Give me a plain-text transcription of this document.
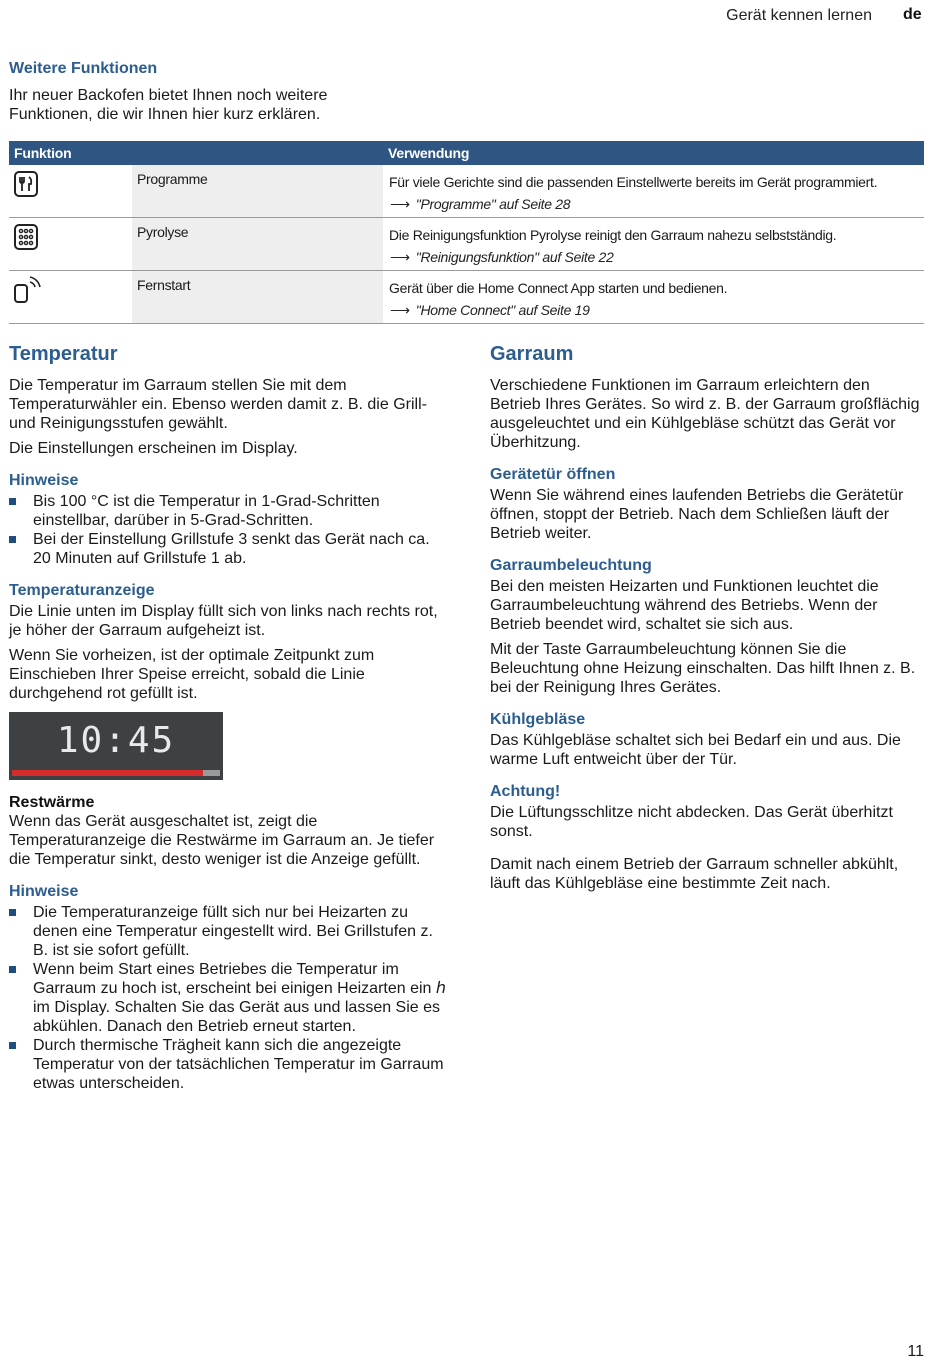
Gerät kennen lernen de
Weitere Funktionen
Ihr neuer Backofen bietet Ihnen noch weitere Funktionen, die wir Ihnen hier kurz erklären.
Funktion		Verwendung
	Programme	Für viele Gerichte sind die passenden Einstellwerte bereits im Gerät programmiert.
⟶ "Programme" auf Seite 28

	Pyrolyse	Die Reinigungsfunktion Pyrolyse reinigt den Garraum nahezu selbstständig.
⟶ "Reinigungsfunktion" auf Seite 22

	Fernstart	Gerät über die Home Connect App starten und bedienen.
⟶ "Home Connect" auf Seite 19
Temperatur

Die Temperatur im Garraum stellen Sie mit dem Temperaturwähler ein. Ebenso werden damit z. B. die Grill- und Reinigungsstufen gewählt.

Die Einstellungen erscheinen im Display.

Hinweise
Bis 100 °C ist die Temperatur in 1-Grad-Schritten einstellbar, darüber in 5-Grad-Schritten.
Bei der Einstellung Grillstufe 3 senkt das Gerät nach ca. 20 Minuten auf Grillstufe 1 ab.
Temperaturanzeige

Die Linie unten im Display füllt sich von links nach rechts rot, je höher der Garraum aufgeheizt ist.

Wenn Sie vorheizen, ist der optimale Zeitpunkt zum Einschieben Ihrer Speise erreicht, sobald die Linie durchgehend rot gefüllt ist.

10:45
Restwärme

Wenn das Gerät ausgeschaltet ist, zeigt die Temperaturanzeige die Restwärme im Garraum an. Je tiefer die Temperatur sinkt, desto weniger ist die Anzeige gefüllt.

Hinweise
Die Temperaturanzeige füllt sich nur bei Heizarten zu denen eine Temperatur eingestellt wird. Bei Grillstufen z. B. ist sie sofort gefüllt.
Wenn beim Start eines Betriebes die Temperatur im Garraum zu hoch ist, erscheint bei einigen Heizarten ein ℎ im Display. Schalten Sie das Gerät aus und lassen Sie es abkühlen. Danach den Betrieb erneut starten.
Durch thermische Trägheit kann sich die angezeigte Temperatur von der tatsächlichen Temperatur im Garraum etwas unterscheiden.
Garraum

Verschiedene Funktionen im Garraum erleichtern den Betrieb Ihres Gerätes. So wird z. B. der Garraum großflächig ausgeleuchtet und ein Kühlgebläse schützt das Gerät vor Überhitzung.

Gerätetür öffnen

Wenn Sie während eines laufenden Betriebs die Gerätetür öffnen, stoppt der Betrieb. Nach dem Schließen läuft der Betrieb weiter.

Garraumbeleuchtung

Bei den meisten Heizarten und Funktionen leuchtet die Garraumbeleuchtung während des Betriebs. Wenn der Betrieb beendet wird, schaltet sie sich aus.

Mit der Taste Garraumbeleuchtung können Sie die Beleuchtung ohne Heizung einschalten. Das hilft Ihnen z. B. bei der Reinigung Ihres Gerätes.

Kühlgebläse

Das Kühlgebläse schaltet sich bei Bedarf ein und aus. Die warme Luft entweicht über der Tür.

Achtung!

Die Lüftungsschlitze nicht abdecken. Das Gerät überhitzt sonst.

Damit nach einem Betrieb der Garraum schneller abkühlt, läuft das Kühlgebläse eine bestimmte Zeit nach.

11
